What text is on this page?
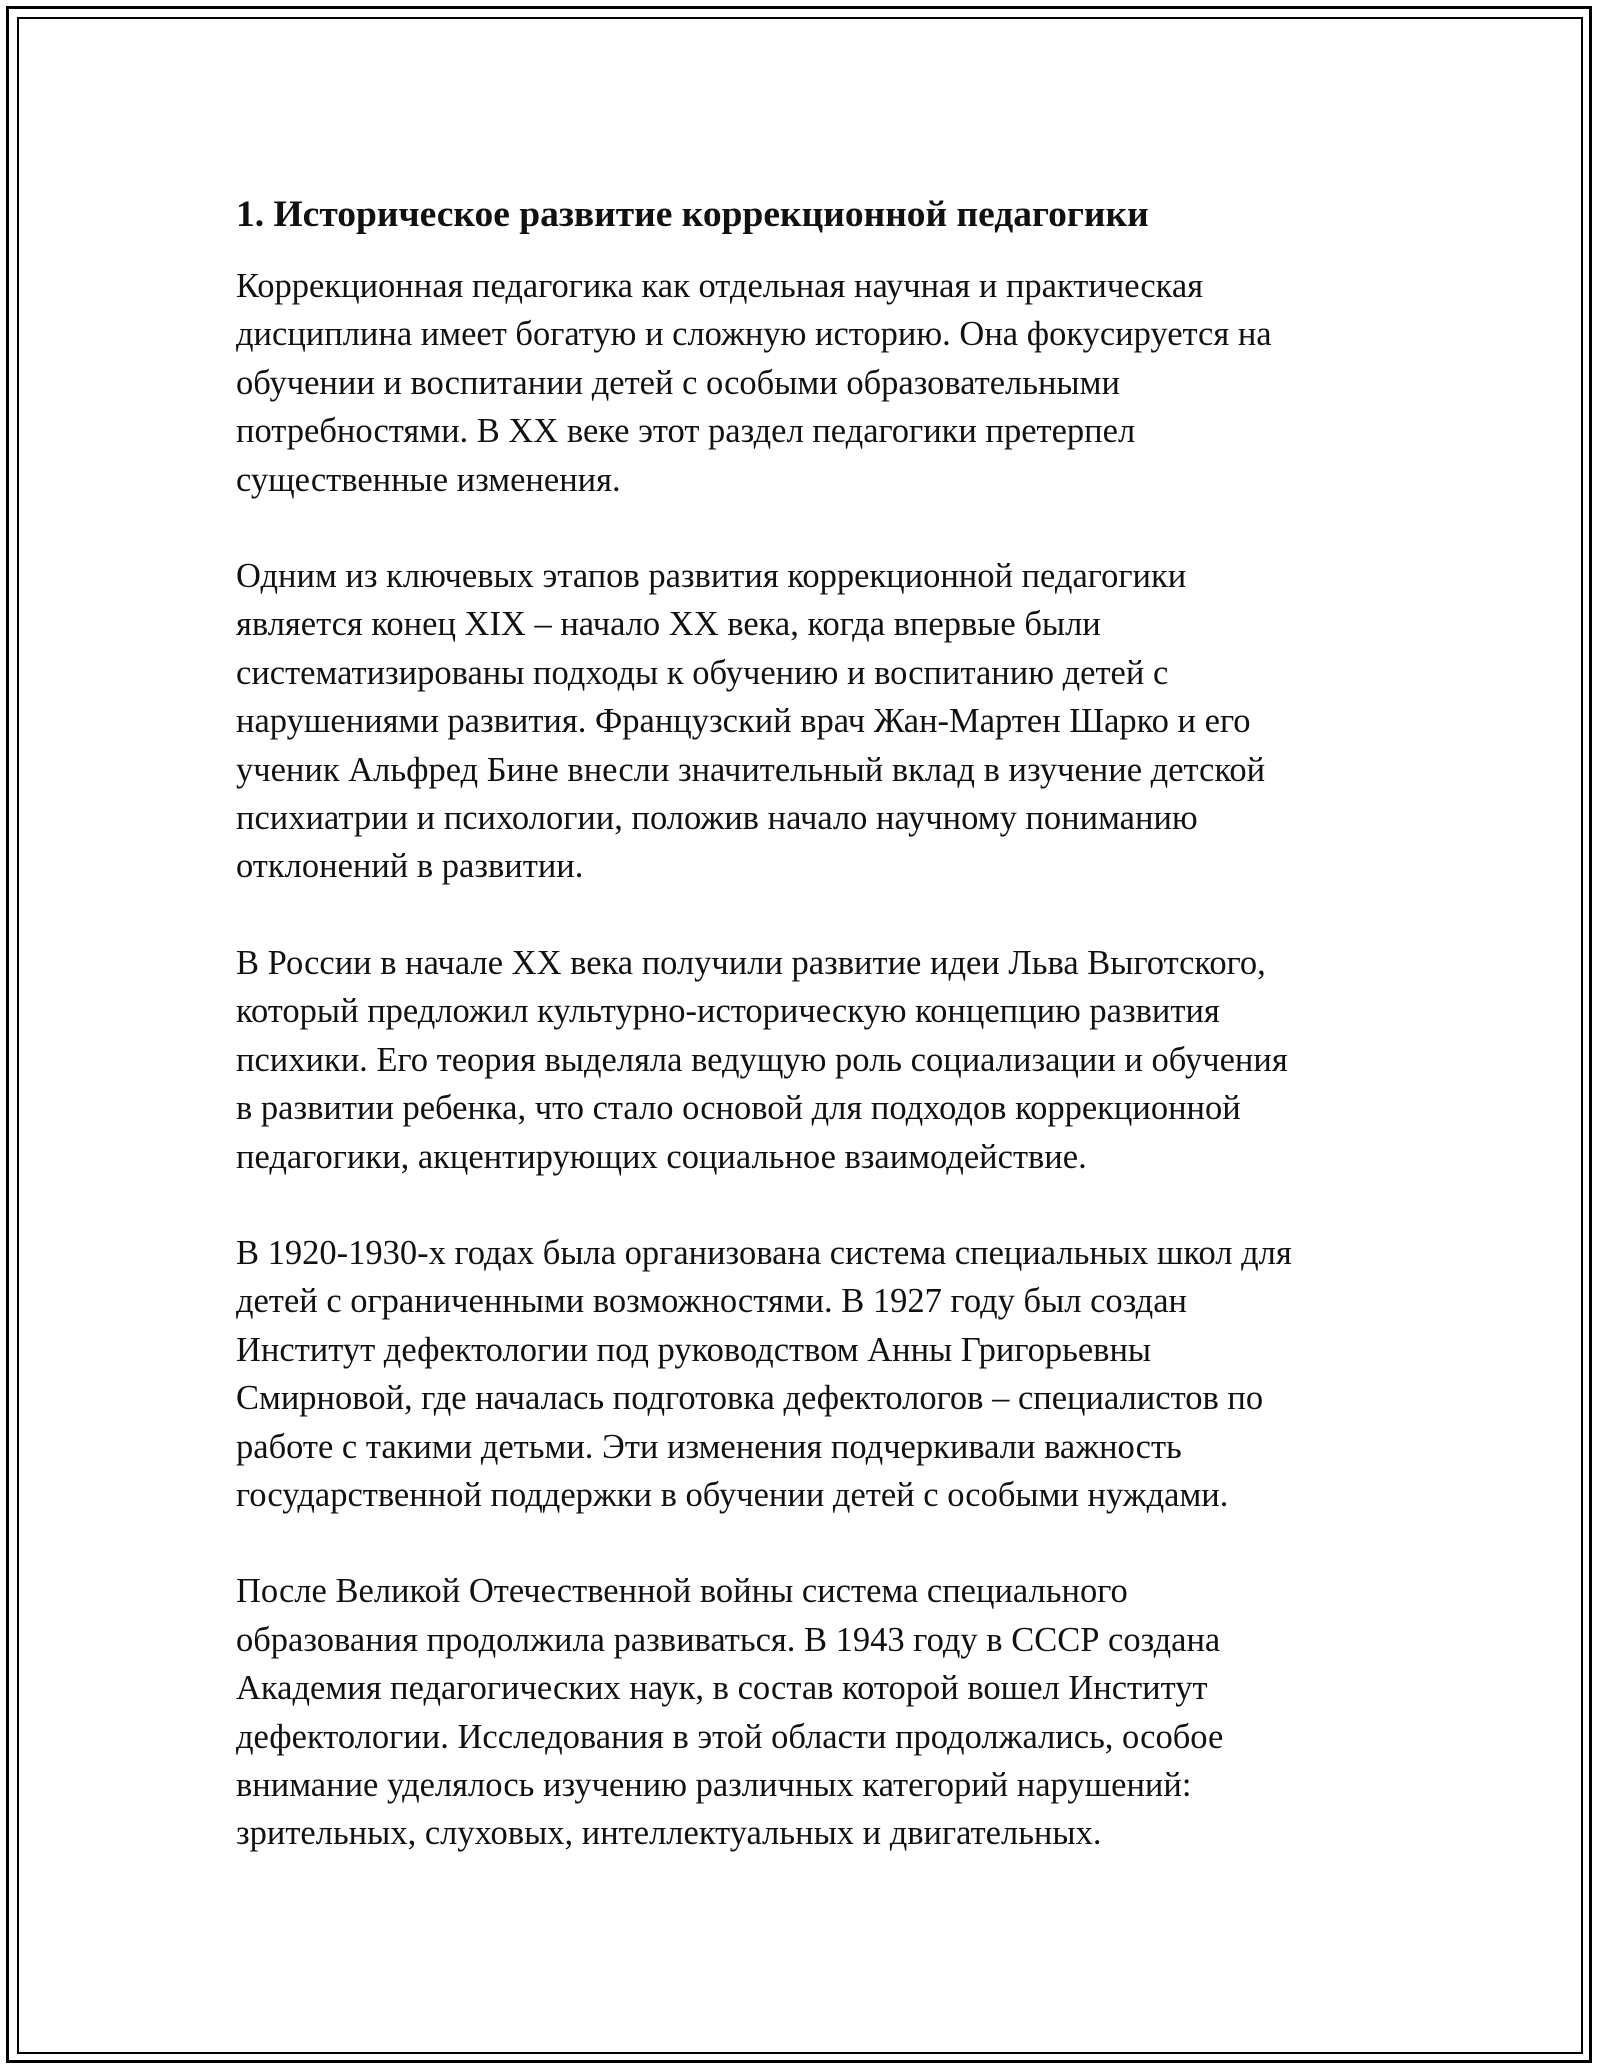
1. Историческое развитие коррекционной педагогики

Коррекционная педагогика как отдельная научная и практическая
дисциплина имеет богатую и сложную историю. Она фокусируется на
обучении и воспитании детей с особыми образовательными
потребностями. В XX веке этот раздел педагогики претерпел
существенные изменения.

Одним из ключевых этапов развития коррекционной педагогики
является конец XIX – начало XX века, когда впервые были
систематизированы подходы к обучению и воспитанию детей с
нарушениями развития. Французский врач Жан-Мартен Шарко и его
ученик Альфред Бине внесли значительный вклад в изучение детской
психиатрии и психологии, положив начало научному пониманию
отклонений в развитии.

В России в начале XX века получили развитие идеи Льва Выготского,
который предложил культурно-историческую концепцию развития
психики. Его теория выделяла ведущую роль социализации и обучения
в развитии ребенка, что стало основой для подходов коррекционной
педагогики, акцентирующих социальное взаимодействие.

В 1920-1930-х годах была организована система специальных школ для
детей с ограниченными возможностями. В 1927 году был создан
Институт дефектологии под руководством Анны Григорьевны
Смирновой, где началась подготовка дефектологов – специалистов по
работе с такими детьми. Эти изменения подчеркивали важность
государственной поддержки в обучении детей с особыми нуждами.

После Великой Отечественной войны система специального
образования продолжила развиваться. В 1943 году в СССР создана
Академия педагогических наук, в состав которой вошел Институт
дефектологии. Исследования в этой области продолжались, особое
внимание уделялось изучению различных категорий нарушений:
зрительных, слуховых, интеллектуальных и двигательных.
